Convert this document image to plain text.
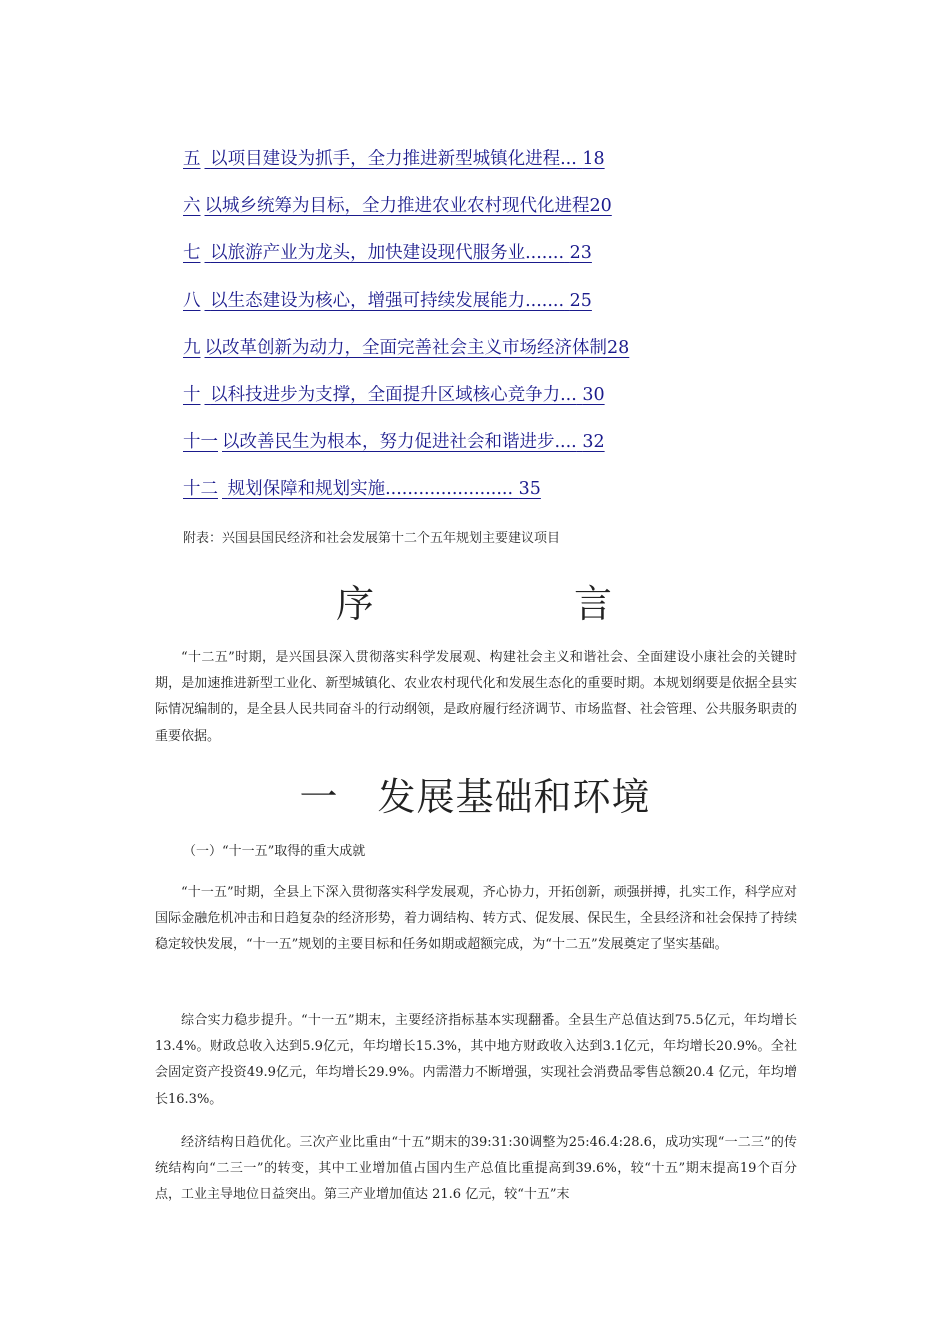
五 以项目建设为抓手，全力推进新型城镇化进程... 18
六 以城乡统筹为目标，全力推进农业农村现代化进程20
七 以旅游产业为龙头，加快建设现代服务业....... 23
八 以生态建设为核心，增强可持续发展能力....... 25
九 以改革创新为动力，全面完善社会主义市场经济体制28
十 以科技进步为支撑，全面提升区域核心竞争力... 30
十一 以改善民生为根本，努力促进社会和谐进步.... 32
十二 规划保障和规划实施....................... 35
附表：兴国县国民经济和社会发展第十二个五年规划主要建议项目
序	言

“十二五”时期，是兴国县深入贯彻落实科学发展观、构建社会主义和谐社会、全面建设小康社会的关键时期，是加速推进新型工业化、新型城镇化、农业农村现代化和发展生态化的重要时期。本规划纲要是依据全县实际情况编制的，是全县人民共同奋斗的行动纲领，是政府履行经济调节、市场监督、社会管理、公共服务职责的重要依据。

一　发展基础和环境
（一）“十一五”取得的重大成就

“十一五”时期，全县上下深入贯彻落实科学发展观，齐心协力，开拓创新，顽强拼搏，扎实工作，科学应对国际金融危机冲击和日趋复杂的经济形势，着力调结构、转方式、促发展、保民生，全县经济和社会保持了持续稳定较快发展，“十一五”规划的主要目标和任务如期或超额完成，为“十二五”发展奠定了坚实基础。

综合实力稳步提升。“十一五”期末，主要经济指标基本实现翻番。全县生产总值达到75.5亿元，年均增长13.4%。财政总收入达到5.9亿元，年均增长15.3%，其中地方财政收入达到3.1亿元，年均增长20.9%。全社会固定资产投资49.9亿元，年均增长29.9%。内需潜力不断增强，实现社会消费品零售总额20.4 亿元，年均增长16.3%。

经济结构日趋优化。三次产业比重由“十五”期末的39:31:30调整为25:46.4:28.6，成功实现“一二三”的传统结构向“二三一”的转变，其中工业增加值占国内生产总值比重提高到39.6%，较“十五”期末提高19个百分点，工业主导地位日益突出。第三产业增加值达 21.6 亿元，较“十五”末
